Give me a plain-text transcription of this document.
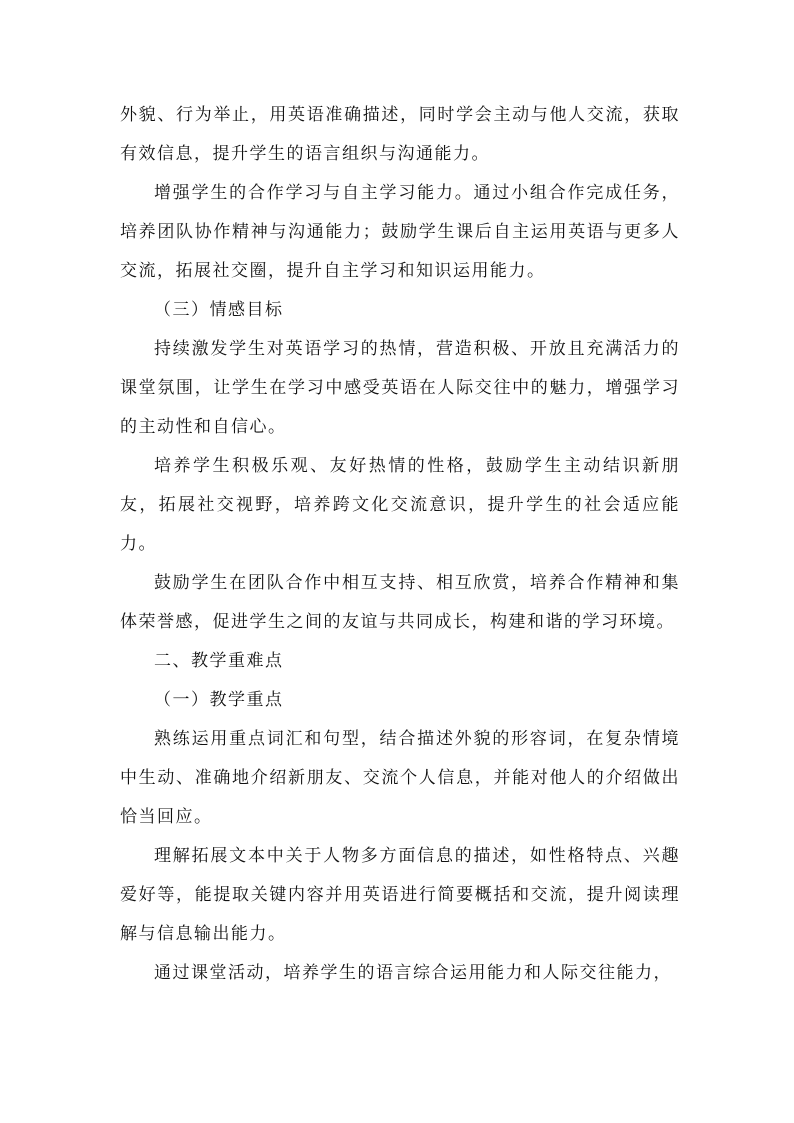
外貌、行为举止，用英语准确描述，同时学会主动与他人交流，获取有效信息，提升学生的语言组织与沟通能力。

增强学生的合作学习与自主学习能力。通过小组合作完成任务，培养团队协作精神与沟通能力；鼓励学生课后自主运用英语与更多人交流，拓展社交圈，提升自主学习和知识运用能力。

（三）情感目标

持续激发学生对英语学习的热情，营造积极、开放且充满活力的课堂氛围，让学生在学习中感受英语在人际交往中的魅力，增强学习的主动性和自信心。

培养学生积极乐观、友好热情的性格，鼓励学生主动结识新朋友，拓展社交视野，培养跨文化交流意识，提升学生的社会适应能力。

鼓励学生在团队合作中相互支持、相互欣赏，培养合作精神和集体荣誉感，促进学生之间的友谊与共同成长，构建和谐的学习环境。

二、教学重难点

（一）教学重点

熟练运用重点词汇和句型，结合描述外貌的形容词，在复杂情境中生动、准确地介绍新朋友、交流个人信息，并能对他人的介绍做出恰当回应。

理解拓展文本中关于人物多方面信息的描述，如性格特点、兴趣爱好等，能提取关键内容并用英语进行简要概括和交流，提升阅读理解与信息输出能力。

通过课堂活动，培养学生的语言综合运用能力和人际交往能力，
